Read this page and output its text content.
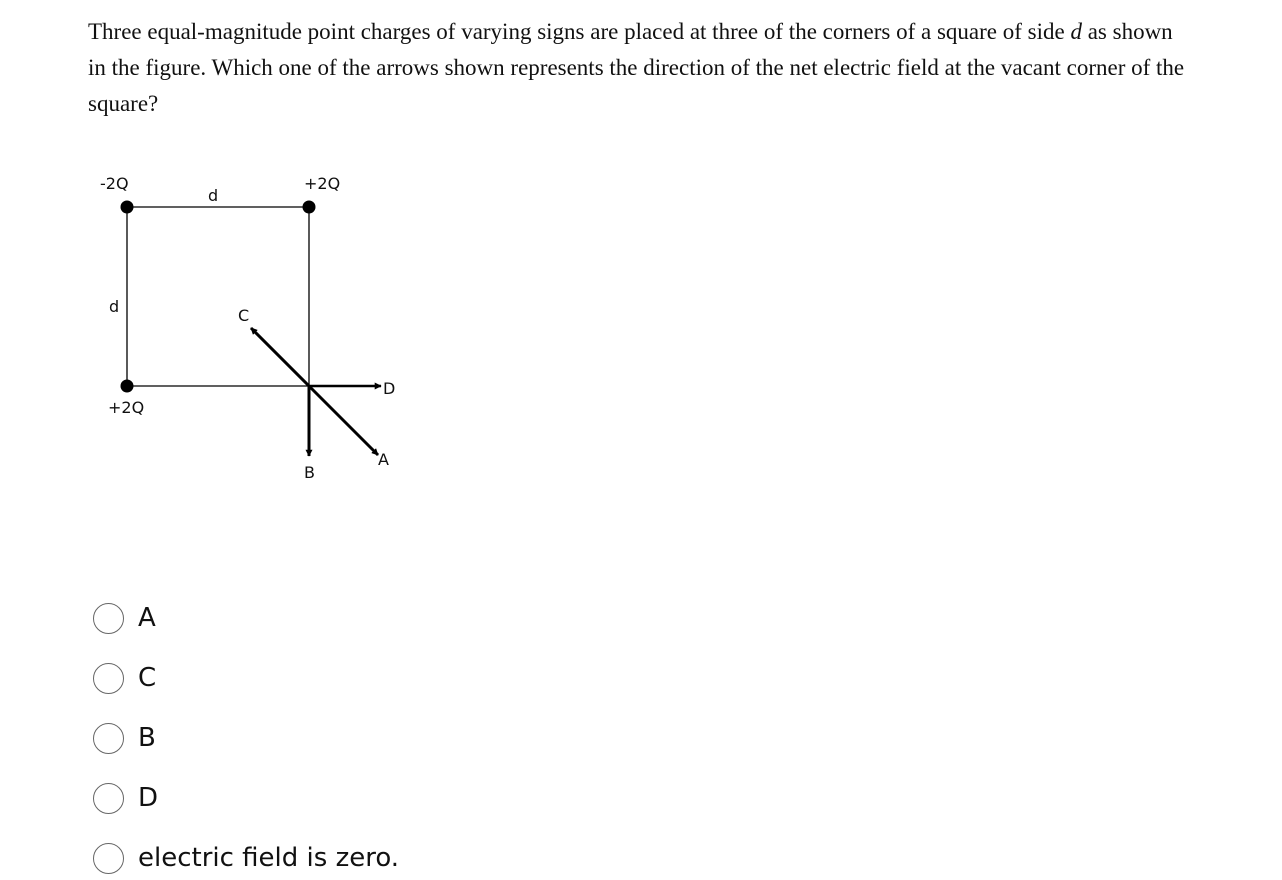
Three equal-magnitude point charges of varying signs are placed at three of the corners of a square of side d as shown in the figure. Which one of the arrows shown represents the direction of the net electric field at the vacant corner of the square?

-2Q	+2Q
+2Q
d
d	C
D
A
B
A
C
B
D
electric field is zero.
